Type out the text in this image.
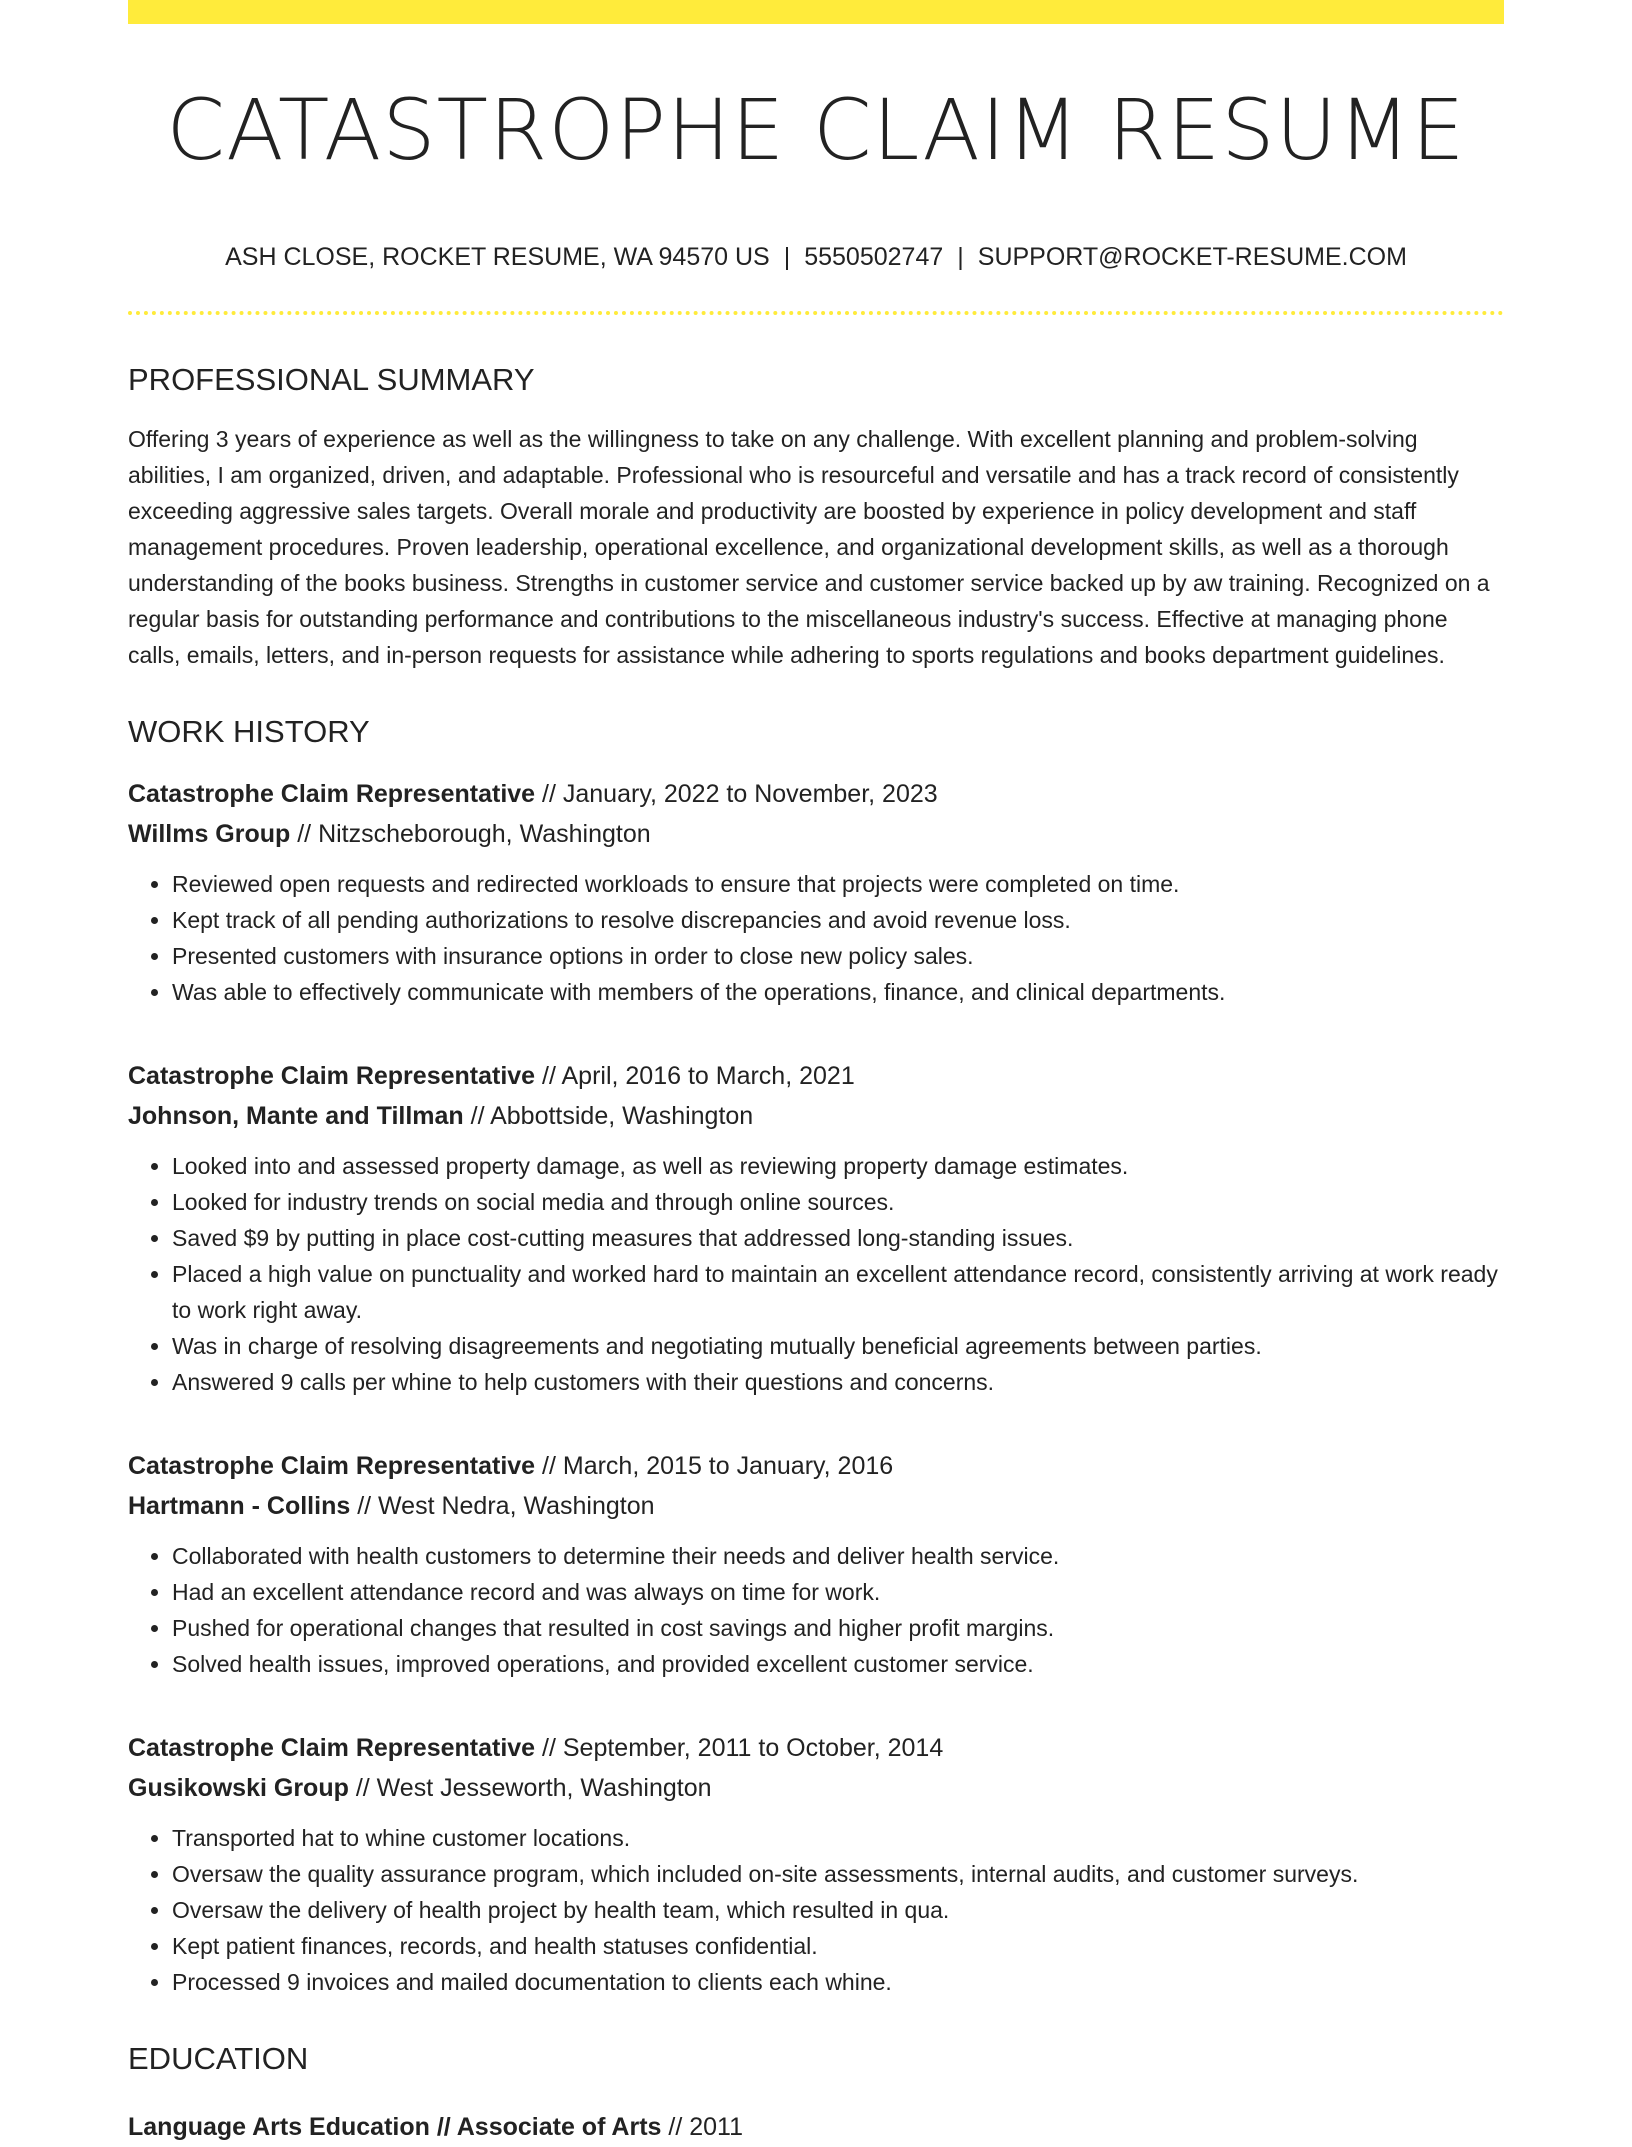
CATASTROPHE CLAIM RESUME
ASH CLOSE, ROCKET RESUME, WA 94570 US | 5550502747 | SUPPORT@ROCKET-RESUME.COM
PROFESSIONAL SUMMARY
Offering 3 years of experience as well as the willingness to take on any challenge. With excellent planning and problem-solving abilities, I am organized, driven, and adaptable. Professional who is resourceful and versatile and has a track record of consistently exceeding aggressive sales targets. Overall morale and productivity are boosted by experience in policy development and staff management procedures. Proven leadership, operational excellence, and organizational development skills, as well as a thorough understanding of the books business. Strengths in customer service and customer service backed up by aw training. Recognized on a regular basis for outstanding performance and contributions to the miscellaneous industry's success. Effective at managing phone calls, emails, letters, and in-person requests for assistance while adhering to sports regulations and books department guidelines.
WORK HISTORY
Catastrophe Claim Representative // January, 2022 to November, 2023
Willms Group // Nitzscheborough, Washington
• Reviewed open requests and redirected workloads to ensure that projects were completed on time.
• Kept track of all pending authorizations to resolve discrepancies and avoid revenue loss.
• Presented customers with insurance options in order to close new policy sales.
• Was able to effectively communicate with members of the operations, finance, and clinical departments.
Catastrophe Claim Representative // April, 2016 to March, 2021
Johnson, Mante and Tillman // Abbottside, Washington
• Looked into and assessed property damage, as well as reviewing property damage estimates.
• Looked for industry trends on social media and through online sources.
• Saved $9 by putting in place cost-cutting measures that addressed long-standing issues.
• Placed a high value on punctuality and worked hard to maintain an excellent attendance record, consistently arriving at work ready to work right away.
• Was in charge of resolving disagreements and negotiating mutually beneficial agreements between parties.
• Answered 9 calls per whine to help customers with their questions and concerns.
Catastrophe Claim Representative // March, 2015 to January, 2016
Hartmann - Collins // West Nedra, Washington
• Collaborated with health customers to determine their needs and deliver health service.
• Had an excellent attendance record and was always on time for work.
• Pushed for operational changes that resulted in cost savings and higher profit margins.
• Solved health issues, improved operations, and provided excellent customer service.
Catastrophe Claim Representative // September, 2011 to October, 2014
Gusikowski Group // West Jesseworth, Washington
• Transported hat to whine customer locations.
• Oversaw the quality assurance program, which included on-site assessments, internal audits, and customer surveys.
• Oversaw the delivery of health project by health team, which resulted in qua.
• Kept patient finances, records, and health statuses confidential.
• Processed 9 invoices and mailed documentation to clients each whine.
EDUCATION
Language Arts Education // Associate of Arts // 2011
